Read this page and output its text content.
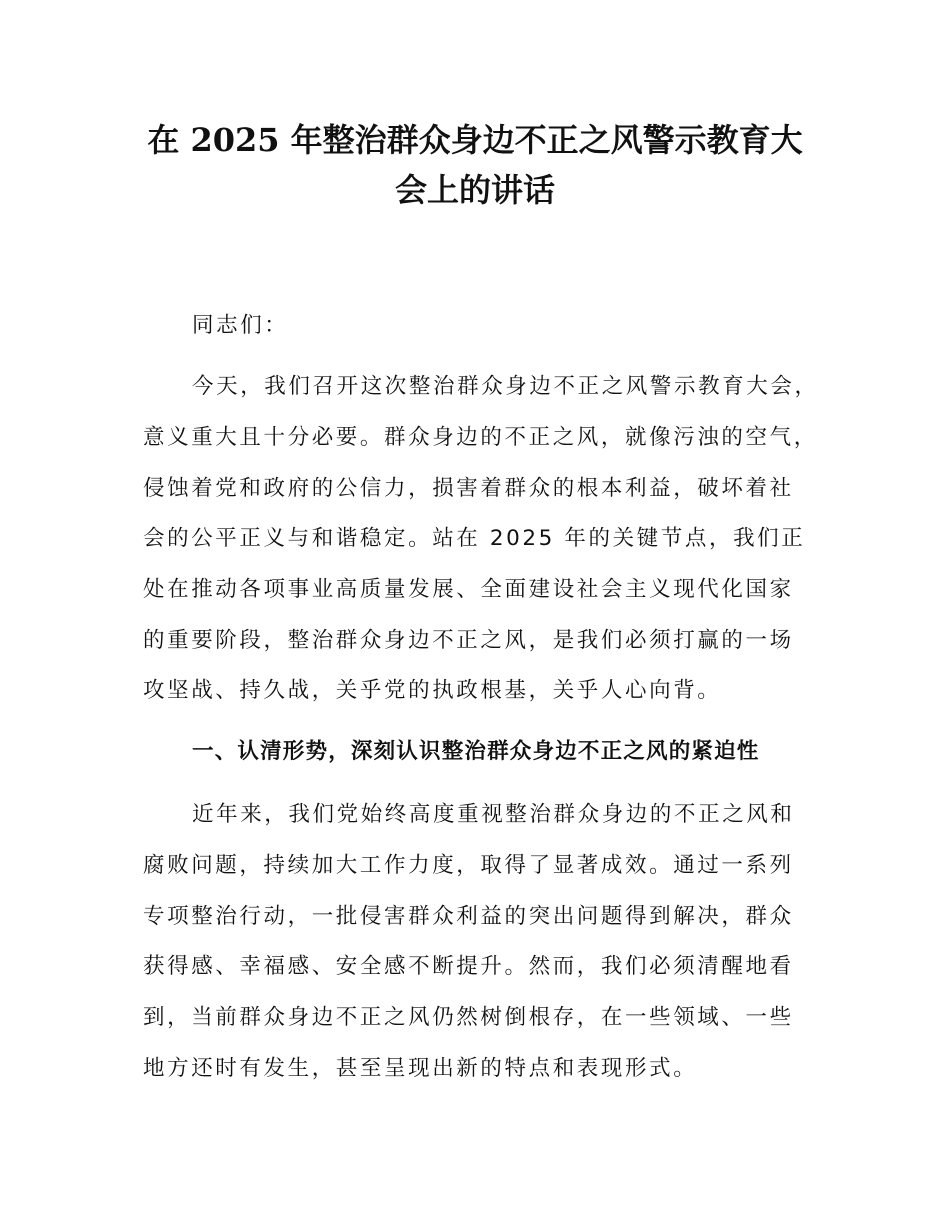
在 2025 年整治群众身边不正之风警示教育大
会上的讲话

同志们：

今天，我们召开这次整治群众身边不正之风警示教育大会，

意义重大且十分必要。群众身边的不正之风，就像污浊的空气，

侵蚀着党和政府的公信力，损害着群众的根本利益，破坏着社

会的公平正义与和谐稳定。站在 2025 年的关键节点，我们正

处在推动各项事业高质量发展、全面建设社会主义现代化国家

的重要阶段，整治群众身边不正之风，是我们必须打赢的一场

攻坚战、持久战，关乎党的执政根基，关乎人心向背。

一、认清形势，深刻认识整治群众身边不正之风的紧迫性

近年来，我们党始终高度重视整治群众身边的不正之风和

腐败问题，持续加大工作力度，取得了显著成效。通过一系列

专项整治行动，一批侵害群众利益的突出问题得到解决，群众

获得感、幸福感、安全感不断提升。然而，我们必须清醒地看

到，当前群众身边不正之风仍然树倒根存，在一些领域、一些

地方还时有发生，甚至呈现出新的特点和表现形式。
